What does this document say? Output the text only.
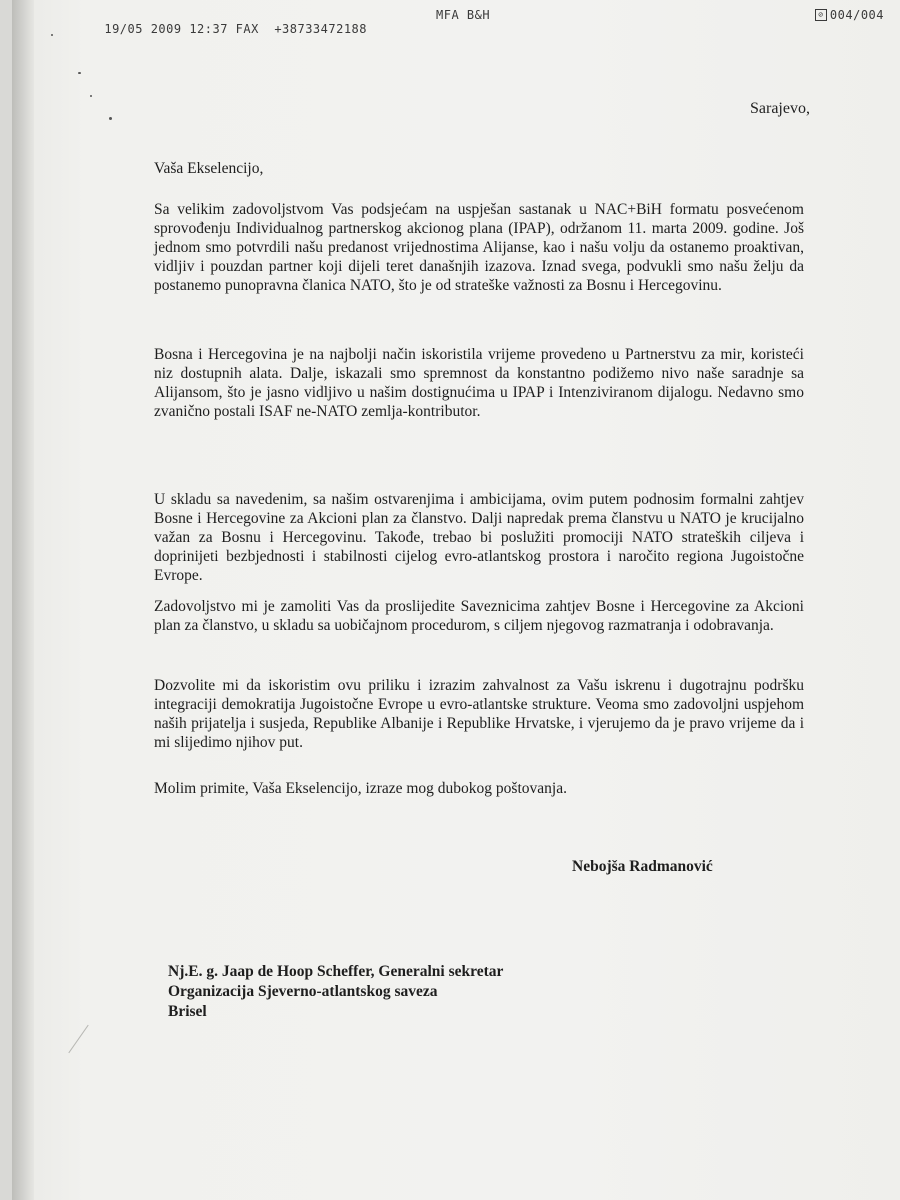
19/05 2009 12:37 FAX +38733472188

MFA B&H	⊘ 004/004
Sarajevo,
Vaša Ekselencijo,

Sa velikim zadovoljstvom Vas podsjećam na uspješan sastanak u NAC+BiH formatu posvećenom sprovođenju Individualnog partnerskog akcionog plana (IPAP), održanom 11. marta 2009. godine. Još jednom smo potvrdili našu predanost vrijednostima Alijanse, kao i našu volju da ostanemo proaktivan, vidljiv i pouzdan partner koji dijeli teret današnjih izazova. Iznad svega, podvukli smo našu želju da postanemo punopravna članica NATO, što je od strateške važnosti za Bosnu i Hercegovinu.

Bosna i Hercegovina je na najbolji način iskoristila vrijeme provedeno u Partnerstvu za mir, koristeći niz dostupnih alata. Dalje, iskazali smo spremnost da konstantno podižemo nivo naše saradnje sa Alijansom, što je jasno vidljivo u našim dostignućima u IPAP i Intenziviranom dijalogu. Nedavno smo zvanično postali ISAF ne-NATO zemlja-kontributor.

U skladu sa navedenim, sa našim ostvarenjima i ambicijama, ovim putem podnosim formalni zahtjev Bosne i Hercegovine za Akcioni plan za članstvo. Dalji napredak prema članstvu u NATO je krucijalno važan za Bosnu i Hercegovinu. Takođe, trebao bi poslužiti promociji NATO strateških ciljeva i doprinijeti bezbjednosti i stabilnosti cijelog evro-atlantskog prostora i naročito regiona Jugoistočne Evrope.

Zadovoljstvo mi je zamoliti Vas da proslijedite Saveznicima zahtjev Bosne i Hercegovine za Akcioni plan za članstvo, u skladu sa uobičajnom procedurom, s ciljem njegovog razmatranja i odobravanja.

Dozvolite mi da iskoristim ovu priliku i izrazim zahvalnost za Vašu iskrenu i dugotrajnu podršku integraciji demokratija Jugoistočne Evrope u evro-atlantske strukture. Veoma smo zadovoljni uspjehom naših prijatelja i susjeda, Republike Albanije i Republike Hrvatske, i vjerujemo da je pravo vrijeme da i mi slijedimo njihov put.

Molim primite, Vaša Ekselencijo, izraze mog dubokog poštovanja.

Nebojša Radmanović
Nj.E. g. Jaap de Hoop Scheffer, Generalni sekretar
Organizacija Sjeverno-atlantskog saveza
Brisel
